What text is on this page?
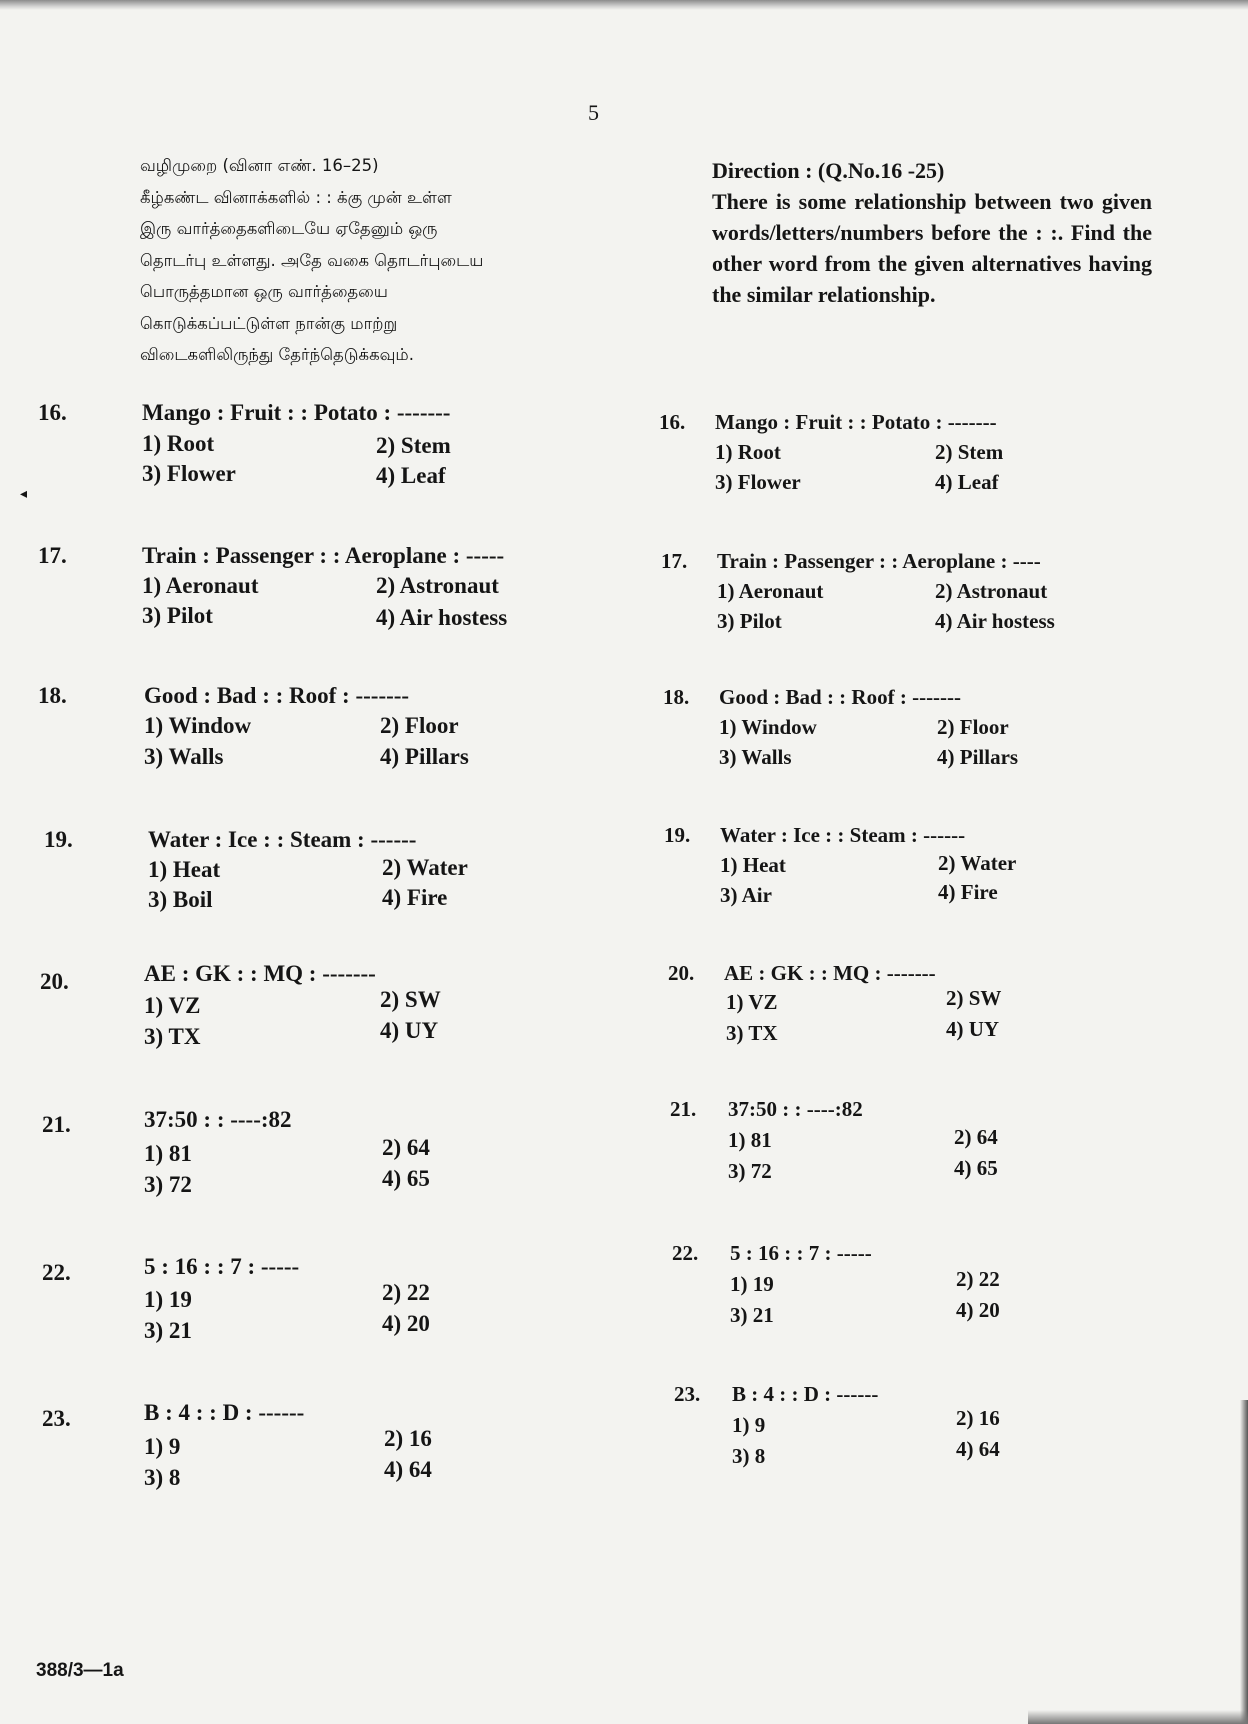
◂
5
வழிமுறை (வினா எண். 16–25)
கீழ்கண்ட வினாக்களில் : : க்கு முன் உள்ள
இரு வார்த்தைகளிடையே ஏதேனும் ஒரு
தொடர்பு உள்ளது. அதே வகை தொடர்புடைய
பொருத்தமான ஒரு வார்த்தையை
கொடுக்கப்பட்டுள்ள நான்கு மாற்று
விடைகளிலிருந்து தேர்ந்தெடுக்கவும்.
Direction : (Q.No.16 -25)
There is some relationship between two given words/letters/numbers before the : :. Find the other word from the given alternatives having the similar relationship.
16.	Mango : Fruit : : Potato : -------
1) Root	2) Stem
3) Flower	4) Leaf
17.	Train : Passenger : : Aeroplane : -----
1) Aeronaut	2) Astronaut
3) Pilot	4) Air hostess
18.	Good : Bad : : Roof : -------
1) Window	2) Floor
3) Walls	4) Pillars
19.	Water : Ice : : Steam : ------
1) Heat	2) Water
3) Boil	4) Fire
20.	AE : GK : : MQ : -------
1) VZ	2) SW
3) TX	4) UY
21.	37:50 : : ----:82
1) 81	2) 64
3) 72	4) 65
22.	5 : 16 : : 7 : -----
1) 19	2) 22
3) 21	4) 20
23.	B : 4 : : D : ------
1) 9	2) 16
3) 8	4) 64
16. Mango : Fruit : : Potato : -------
1) Root	2) Stem
3) Flower	4) Leaf
17. Train : Passenger : : Aeroplane : ----
1) Aeronaut	2) Astronaut
3) Pilot	4) Air hostess
18. Good : Bad : : Roof : -------
1) Window	2) Floor
3) Walls	4) Pillars
19. Water : Ice : : Steam : ------
1) Heat	2) Water
3) Air	4) Fire
20. AE : GK : : MQ : -------
1) VZ	2) SW
3) TX	4) UY
21. 37:50 : : ----:82
1) 81	2) 64
3) 72	4) 65
22. 5 : 16 : : 7 : -----
1) 19	2) 22
3) 21	4) 20
23. B : 4 : : D : ------
1) 9	2) 16
3) 8	4) 64
388/3—1a
